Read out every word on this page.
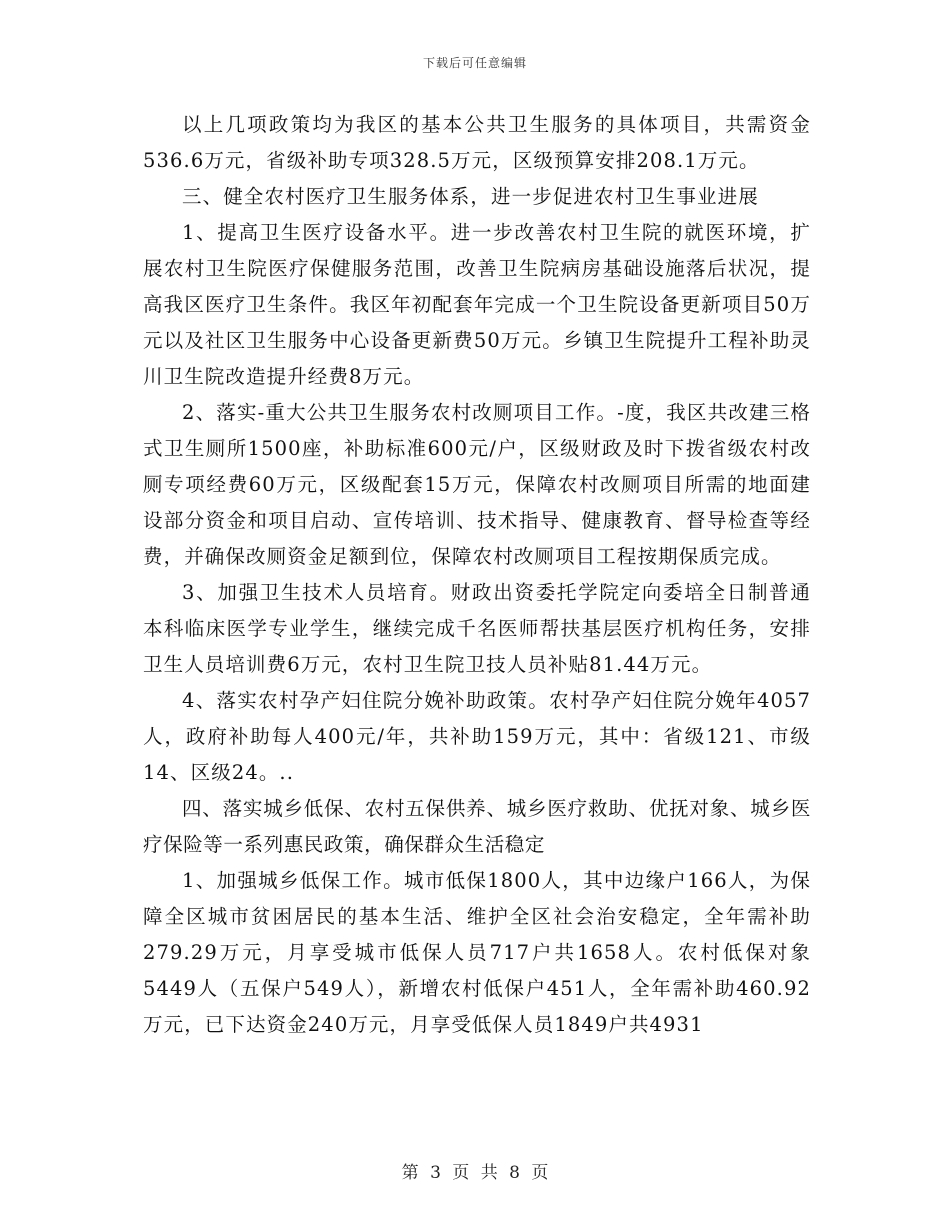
下载后可任意编辑

以上几项政策均为我区的基本公共卫生服务的具体项目，共需资金536.6万元，省级补助专项328.5万元，区级预算安排208.1万元。

三、健全农村医疗卫生服务体系，进一步促进农村卫生事业进展

1、提高卫生医疗设备水平。进一步改善农村卫生院的就医环境，扩展农村卫生院医疗保健服务范围，改善卫生院病房基础设施落后状况，提高我区医疗卫生条件。我区年初配套年完成一个卫生院设备更新项目50万元以及社区卫生服务中心设备更新费50万元。乡镇卫生院提升工程补助灵川卫生院改造提升经费8万元。

2、落实-重大公共卫生服务农村改厕项目工作。-度，我区共改建三格式卫生厕所1500座，补助标准600元/户，区级财政及时下拨省级农村改厕专项经费60万元，区级配套15万元，保障农村改厕项目所需的地面建设部分资金和项目启动、宣传培训、技术指导、健康教育、督导检查等经费，并确保改厕资金足额到位，保障农村改厕项目工程按期保质完成。

3、加强卫生技术人员培育。财政出资委托学院定向委培全日制普通本科临床医学专业学生，继续完成千名医师帮扶基层医疗机构任务，安排卫生人员培训费6万元，农村卫生院卫技人员补贴81.44万元。

4、落实农村孕产妇住院分娩补助政策。农村孕产妇住院分娩年4057人，政府补助每人400元/年，共补助159万元，其中：省级121、市级14、区级24。..

四、落实城乡低保、农村五保供养、城乡医疗救助、优抚对象、城乡医疗保险等一系列惠民政策，确保群众生活稳定

1、加强城乡低保工作。城市低保1800人，其中边缘户166人，为保障全区城市贫困居民的基本生活、维护全区社会治安稳定，全年需补助279.29万元，月享受城市低保人员717户共1658人。农村低保对象5449人（五保户549人），新增农村低保户451人，全年需补助460.92万元，已下达资金240万元，月享受低保人员1849户共4931

第 3 页 共 8 页
